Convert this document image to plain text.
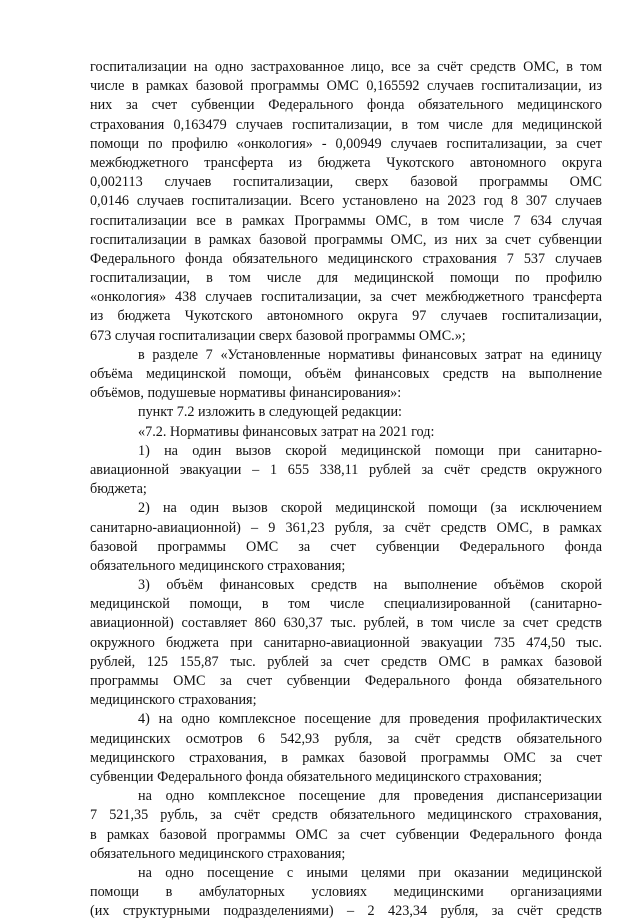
госпитализации на одно застрахованное лицо, все за счёт средств ОМС, в том
числе в рамках базовой программы ОМС 0,165592 случаев госпитализации, из
них за счет субвенции Федерального фонда обязательного медицинского
страхования 0,163479 случаев госпитализации, в том числе для медицинской
помощи по профилю «онкология» - 0,00949 случаев госпитализации, за счет
межбюджетного трансферта из бюджета Чукотского автономного округа
0,002113 случаев госпитализации, сверх базовой программы ОМС
0,0146 случаев госпитализации. Всего установлено на 2023 год 8 307 случаев
госпитализации все в рамках Программы ОМС, в том числе 7 634 случая
госпитализации в рамках базовой программы ОМС, из них за счет субвенции
Федерального фонда обязательного медицинского страхования 7 537 случаев
госпитализации, в том числе для медицинской помощи по профилю
«онкология» 438 случаев госпитализации, за счет межбюджетного трансферта
из бюджета Чукотского автономного округа 97 случаев госпитализации,
673 случая госпитализации сверх базовой программы ОМС.»;
в разделе 7 «Установленные нормативы финансовых затрат на единицу
объёма медицинской помощи, объём финансовых средств на выполнение
объёмов, подушевые нормативы финансирования»:
пункт 7.2 изложить в следующей редакции:
«7.2. Нормативы финансовых затрат на 2021 год:
1) на один вызов скорой медицинской помощи при санитарно-
авиационной эвакуации – 1 655 338,11 рублей за счёт средств окружного
бюджета;
2) на один вызов скорой медицинской помощи (за исключением
санитарно-авиационной) – 9 361,23 рубля, за счёт средств ОМС, в рамках
базовой программы ОМС за счет субвенции Федерального фонда
обязательного медицинского страхования;
3) объём финансовых средств на выполнение объёмов скорой
медицинской помощи, в том числе специализированной (санитарно-
авиационной) составляет 860 630,37 тыс. рублей, в том числе за счет средств
окружного бюджета при санитарно-авиационной эвакуации 735 474,50 тыс.
рублей, 125 155,87 тыс. рублей за счет средств ОМС в рамках базовой
программы ОМС за счет субвенции Федерального фонда обязательного
медицинского страхования;
4) на одно комплексное посещение для проведения профилактических
медицинских осмотров 6 542,93 рубля, за счёт средств обязательного
медицинского страхования, в рамках базовой программы ОМС за счет
субвенции Федерального фонда обязательного медицинского страхования;
на одно комплексное посещение для проведения диспансеризации
7 521,35 рубль, за счёт средств обязательного медицинского страхования,
в рамках базовой программы ОМС за счет субвенции Федерального фонда
обязательного медицинского страхования;
на одно посещение с иными целями при оказании медицинской
помощи в амбулаторных условиях медицинскими организациями
(их структурными подразделениями) – 2 423,34 рубля, за счёт средств
